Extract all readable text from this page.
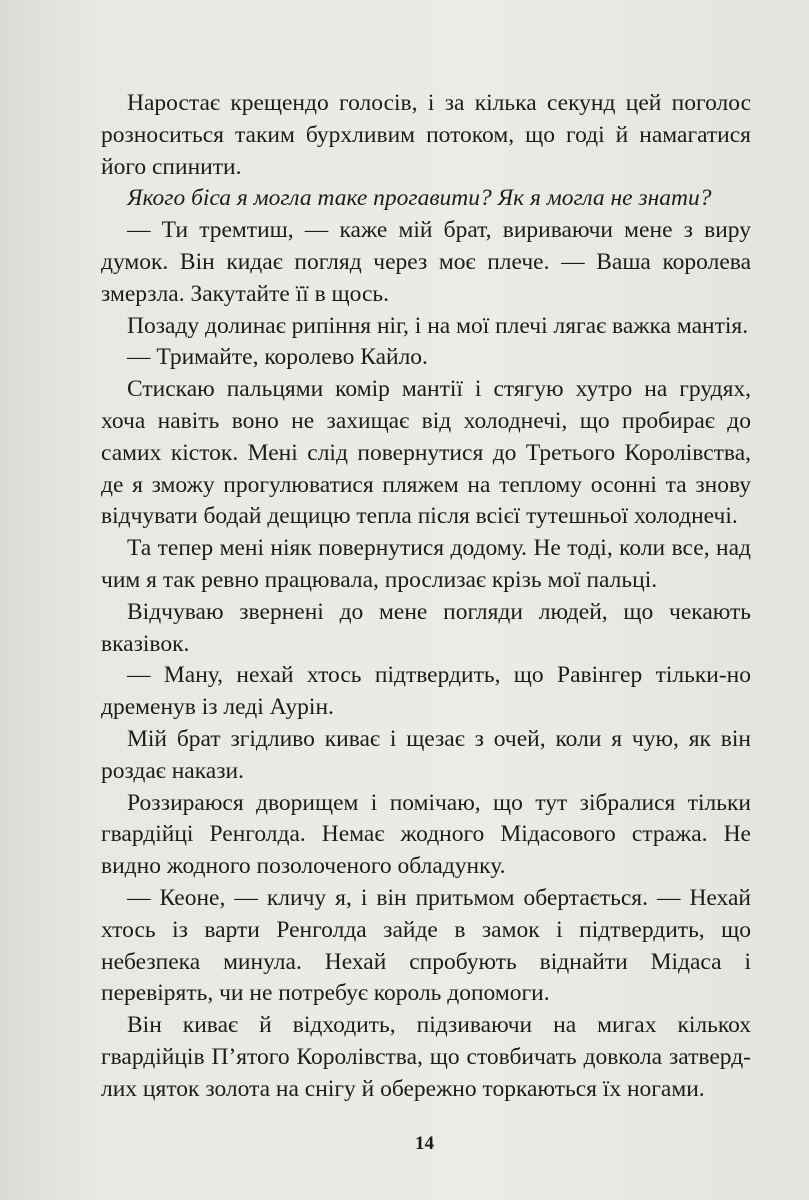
Наростає крещендо голосів, і за кілька секунд цей поголос розноситься таким бурхливим потоком, що годі й намагатися його спинити.

Якого біса я могла таке прогавити? Як я могла не знати?

— Ти тремтиш, — каже мій брат, вириваючи мене з виру думок. Він кидає погляд через моє плече. — Ваша королева змерзла. Закутайте її в щось.

Позаду долинає рипіння ніг, і на мої плечі лягає важка мантія.

— Тримайте, королево Кайло.

Стискаю пальцями комір мантії і стягую хутро на грудях, хоча навіть воно не захищає від холоднечі, що пробирає до самих кісток. Мені слід повернутися до Третього Королівства, де я зможу прогулюватися пляжем на теплому осонні та знову відчувати бодай дещицю тепла після всієї тутешньої холоднечі.

Та тепер мені ніяк повернутися додому. Не тоді, коли все, над чим я так ревно працювала, прослизає крізь мої пальці.

Відчуваю звернені до мене погляди людей, що чекають вказівок.

— Ману, нехай хтось підтвердить, що Равінгер тільки-но дременув із леді Аурін.

Мій брат згідливо киває і щезає з очей, коли я чую, як він роздає накази.

Роззираюся дворищем і помічаю, що тут зібралися тільки гвардійці Ренголда. Немає жодного Мідасового стража. Не видно жодного позолоченого обладунку.

— Кеоне, — кличу я, і він притьмом обертається. — Нехай хтось із варти Ренголда зайде в замок і підтвердить, що небезпека минула. Нехай спробують віднайти Мідаса і перевірять, чи не потребує король допомоги.

Він киває й відходить, підзиваючи на мигах кількох гвардійців П’ятого Королівства, що стовбичать довкола затвердлих цяток золота на снігу й обережно торкаються їх ногами.

14
